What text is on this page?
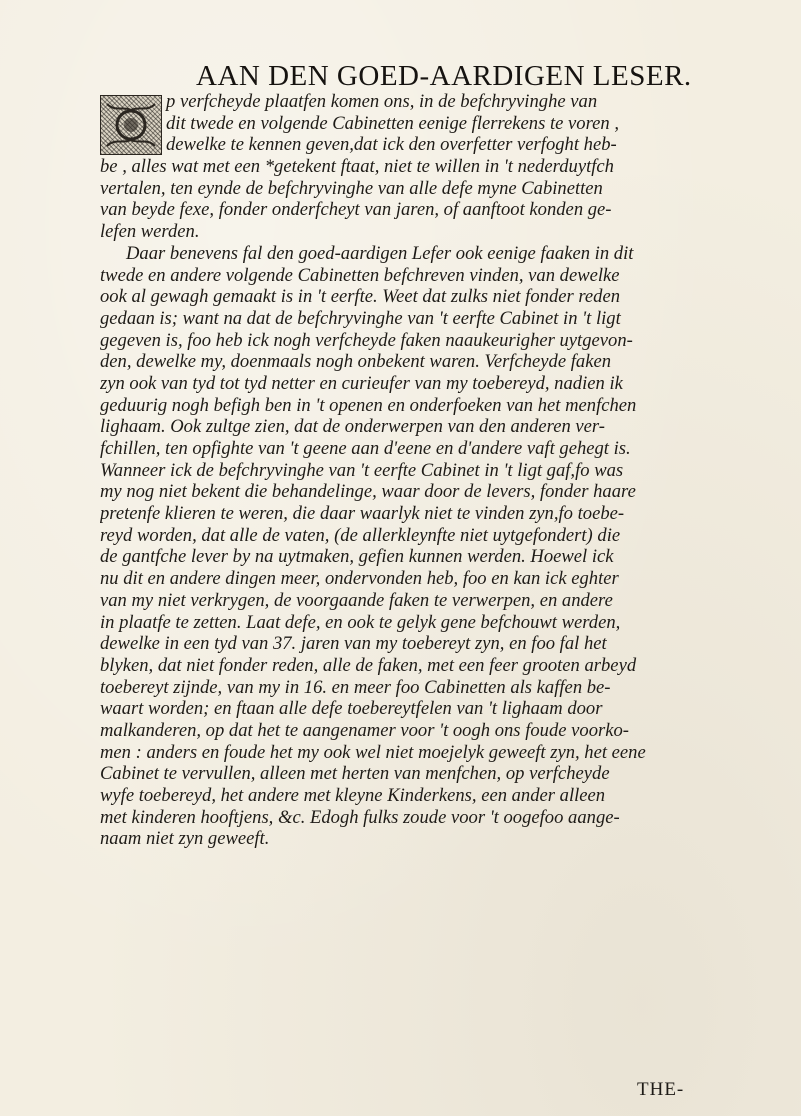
AAN DEN GOED-AARDIGEN LESER.
p verfcheyde plaatfen komen ons, in de befchryvinghe van
dit twede en volgende Cabinetten eenige flerrekens te voren ,
dewelke te kennen geven,dat ick den overfetter verfoght heb-
be , alles wat met een *getekent ftaat, niet te willen in 't nederduytfch
vertalen, ten eynde de befchryvinghe van alle defe myne Cabinetten
van beyde fexe, fonder onderfcheyt van jaren, of aanftoot konden ge-
lefen werden.
Daar benevens fal den goed-aardigen Lefer ook eenige faaken in dit
twede en andere volgende Cabinetten befchreven vinden, van dewelke
ook al gewagh gemaakt is in 't eerfte. Weet dat zulks niet fonder reden
gedaan is; want na dat de befchryvinghe van 't eerfte Cabinet in 't ligt
gegeven is, foo heb ick nogh verfcheyde faken naaukeurigher uytgevon-
den, dewelke my, doenmaals nogh onbekent waren. Verfcheyde faken
zyn ook van tyd tot tyd netter en curieufer van my toebereyd, nadien ik
geduurig nogh befigh ben in 't openen en onderfoeken van het menfchen
lighaam. Ook zultge zien, dat de onderwerpen van den anderen ver-
fchillen, ten opfighte van 't geene aan d'eene en d'andere vaft gehegt is.
Wanneer ick de befchryvinghe van 't eerfte Cabinet in 't ligt gaf,fo was
my nog niet bekent die behandelinge, waar door de levers, fonder haare
pretenfe klieren te weren, die daar waarlyk niet te vinden zyn,fo toebe-
reyd worden, dat alle de vaten, (de allerkleynfte niet uytgefondert) die
de gantfche lever by na uytmaken, gefien kunnen werden. Hoewel ick
nu dit en andere dingen meer, ondervonden heb, foo en kan ick eghter
van my niet verkrygen, de voorgaande faken te verwerpen, en andere
in plaatfe te zetten. Laat defe, en ook te gelyk gene befchouwt werden,
dewelke in een tyd van 37. jaren van my toebereyt zyn, en foo fal het
blyken, dat niet fonder reden, alle de faken, met een feer grooten arbeyd
toebereyt zijnde, van my in 16. en meer foo Cabinetten als kaffen be-
waart worden; en ftaan alle defe toebereytfelen van 't lighaam door
malkanderen, op dat het te aangenamer voor 't oogh ons foude voorko-
men : anders en foude het my ook wel niet moejelyk geweeft zyn, het eene
Cabinet te vervullen, alleen met herten van menfchen, op verfcheyde
wyfe toebereyd, het andere met kleyne Kinderkens, een ander alleen
met kinderen hooftjens, &c. Edogh fulks zoude voor 't oogefoo aange-
naam niet zyn geweeft.
THE-
